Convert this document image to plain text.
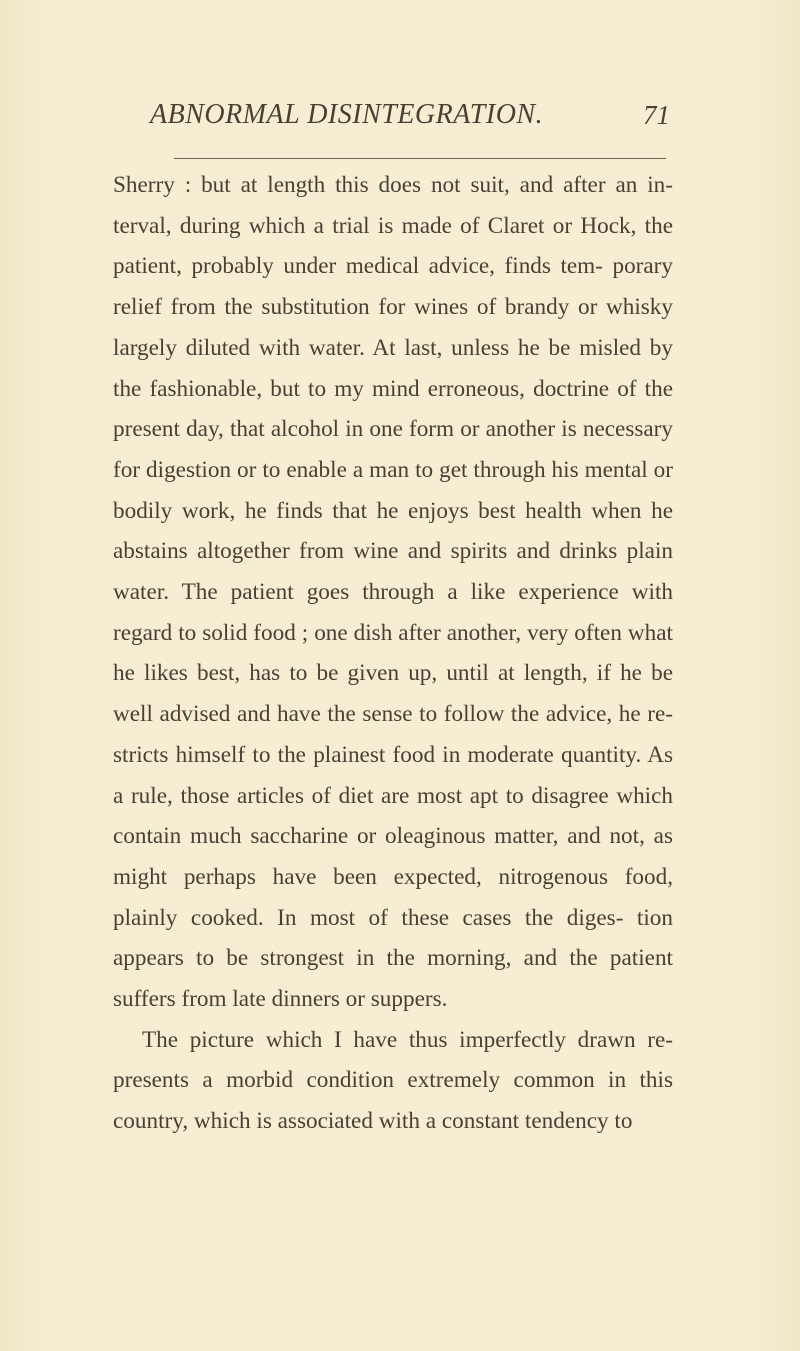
ABNORMAL DISINTEGRATION.	71

Sherry : but at length this does not suit, and after an in- terval, during which a trial is made of Claret or Hock, the patient, probably under medical advice, finds tem- porary relief from the substitution for wines of brandy or whisky largely diluted with water. At last, unless he be misled by the fashionable, but to my mind erroneous, doctrine of the present day, that alcohol in one form or another is necessary for digestion or to enable a man to get through his mental or bodily work, he finds that he enjoys best health when he abstains altogether from wine and spirits and drinks plain water. The patient goes through a like experience with regard to solid food ; one dish after another, very often what he likes best, has to be given up, until at length, if he be well advised and have the sense to follow the advice, he re- stricts himself to the plainest food in moderate quantity. As a rule, those articles of diet are most apt to disagree which contain much saccharine or oleaginous matter, and not, as might perhaps have been expected, nitrogenous food, plainly cooked. In most of these cases the diges- tion appears to be strongest in the morning, and the patient suffers from late dinners or suppers.

The picture which I have thus imperfectly drawn re- presents a morbid condition extremely common in this country, which is associated with a constant tendency to
